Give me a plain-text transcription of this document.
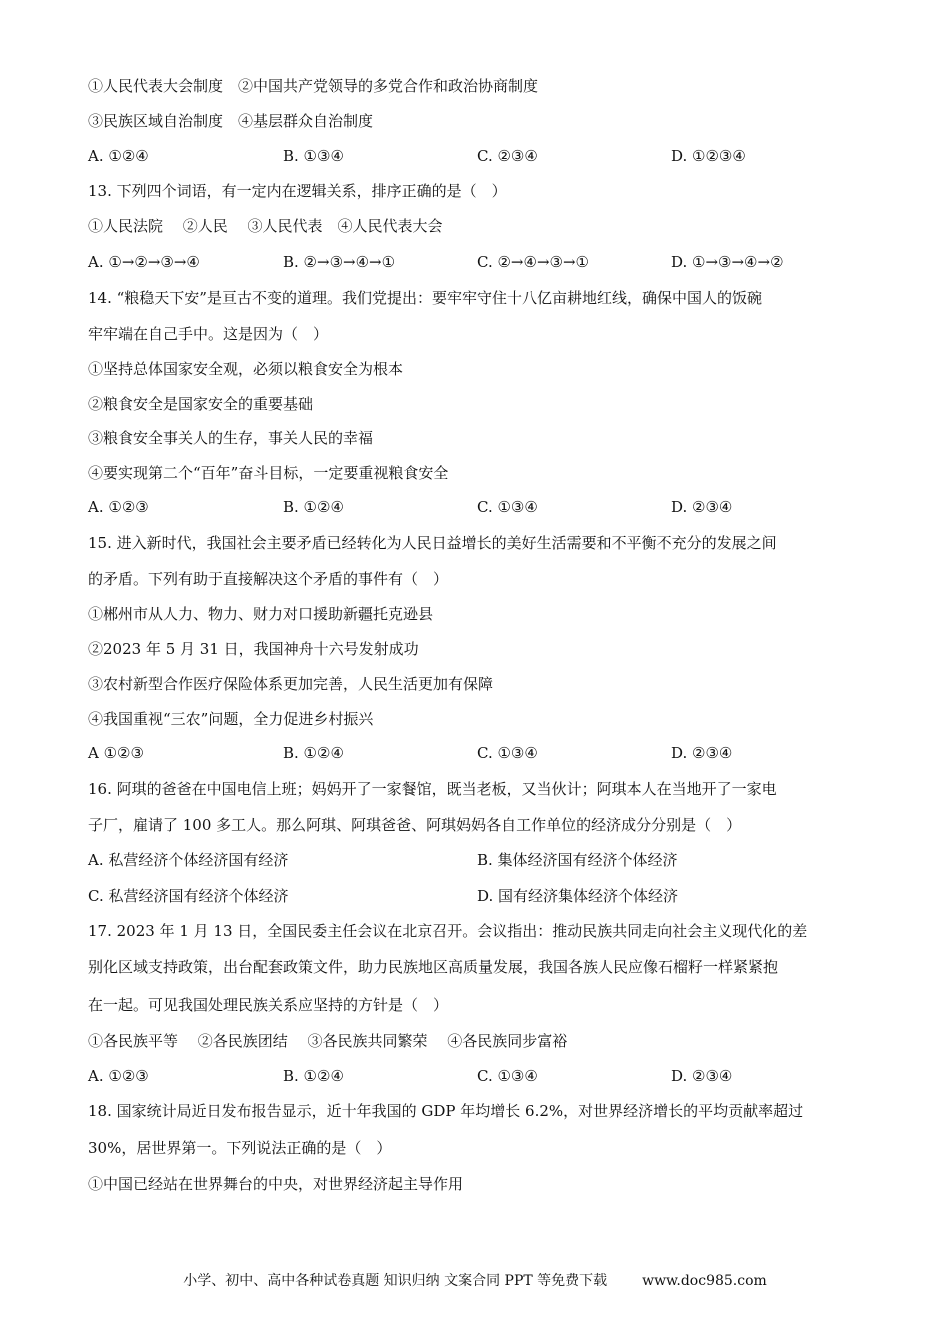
①人民代表大会制度　②中国共产党领导的多党合作和政治协商制度
③民族区域自治制度　④基层群众自治制度
A. ①②④	B. ①③④	C. ②③④	D. ①②③④
13. 下列四个词语，有一定内在逻辑关系，排序正确的是（　）
①人民法院　 ②人民　 ③人民代表　④人民代表大会
A. ①→②→③→④	B. ②→③→④→①	C. ②→④→③→①	D. ①→③→④→②
14. “粮稳天下安”是亘古不变的道理。我们党提出：要牢牢守住十八亿亩耕地红线，确保中国人的饭碗
牢牢端在自己手中。这是因为（　）
①坚持总体国家安全观，必须以粮食安全为根本
②粮食安全是国家安全的重要基础
③粮食安全事关人的生存，事关人民的幸福
④要实现第二个“百年”奋斗目标，一定要重视粮食安全
A. ①②③	B. ①②④	C. ①③④	D. ②③④
15. 进入新时代，我国社会主要矛盾已经转化为人民日益增长的美好生活需要和不平衡不充分的发展之间
的矛盾。下列有助于直接解决这个矛盾的事件有（　）
①郴州市从人力、物力、财力对口援助新疆托克逊县
②2023 年 5 月 31 日，我国神舟十六号发射成功
③农村新型合作医疗保险体系更加完善，人民生活更加有保障
④我国重视“三农”问题，全力促进乡村振兴
A ①②③	B. ①②④	C. ①③④	D. ②③④
16. 阿琪的爸爸在中国电信上班；妈妈开了一家餐馆，既当老板，又当伙计；阿琪本人在当地开了一家电
子厂，雇请了 100 多工人。那么阿琪、阿琪爸爸、阿琪妈妈各自工作单位的经济成分分别是（　）
A. 私营经济个体经济国有经济	B. 集体经济国有经济个体经济
C. 私营经济国有经济个体经济	D. 国有经济集体经济个体经济
17. 2023 年 1 月 13 日，全国民委主任会议在北京召开。会议指出：推动民族共同走向社会主义现代化的差
别化区域支持政策，出台配套政策文件，助力民族地区高质量发展，我国各族人民应像石榴籽一样紧紧抱
在一起。可见我国处理民族关系应坚持的方针是（　）
①各民族平等　 ②各民族团结　 ③各民族共同繁荣　 ④各民族同步富裕
A. ①②③	B. ①②④	C. ①③④	D. ②③④
18. 国家统计局近日发布报告显示，近十年我国的 GDP 年均增长 6.2%，对世界经济增长的平均贡献率超过
30%，居世界第一。下列说法正确的是（　）
①中国已经站在世界舞台的中央，对世界经济起主导作用
小学、初中、高中各种试卷真题 知识归纳 文案合同 PPT 等免费下载 www.doc985.com
